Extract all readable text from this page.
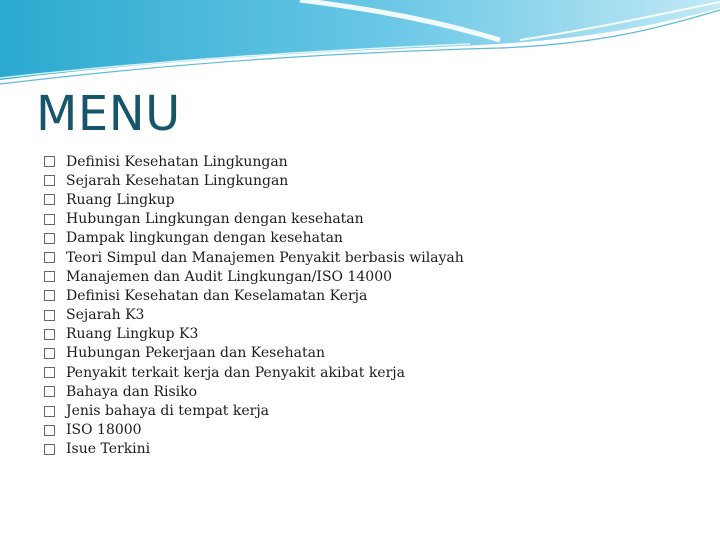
MENU
Definisi Kesehatan Lingkungan
Sejarah Kesehatan Lingkungan
Ruang Lingkup
Hubungan Lingkungan dengan kesehatan
Dampak lingkungan dengan kesehatan
Teori Simpul dan Manajemen Penyakit berbasis wilayah
Manajemen dan Audit Lingkungan/ISO 14000
Definisi Kesehatan dan Keselamatan Kerja
Sejarah K3
Ruang Lingkup K3
Hubungan Pekerjaan dan Kesehatan
Penyakit terkait kerja dan Penyakit akibat kerja
Bahaya dan Risiko
Jenis bahaya di tempat kerja
ISO 18000
Isue Terkini
